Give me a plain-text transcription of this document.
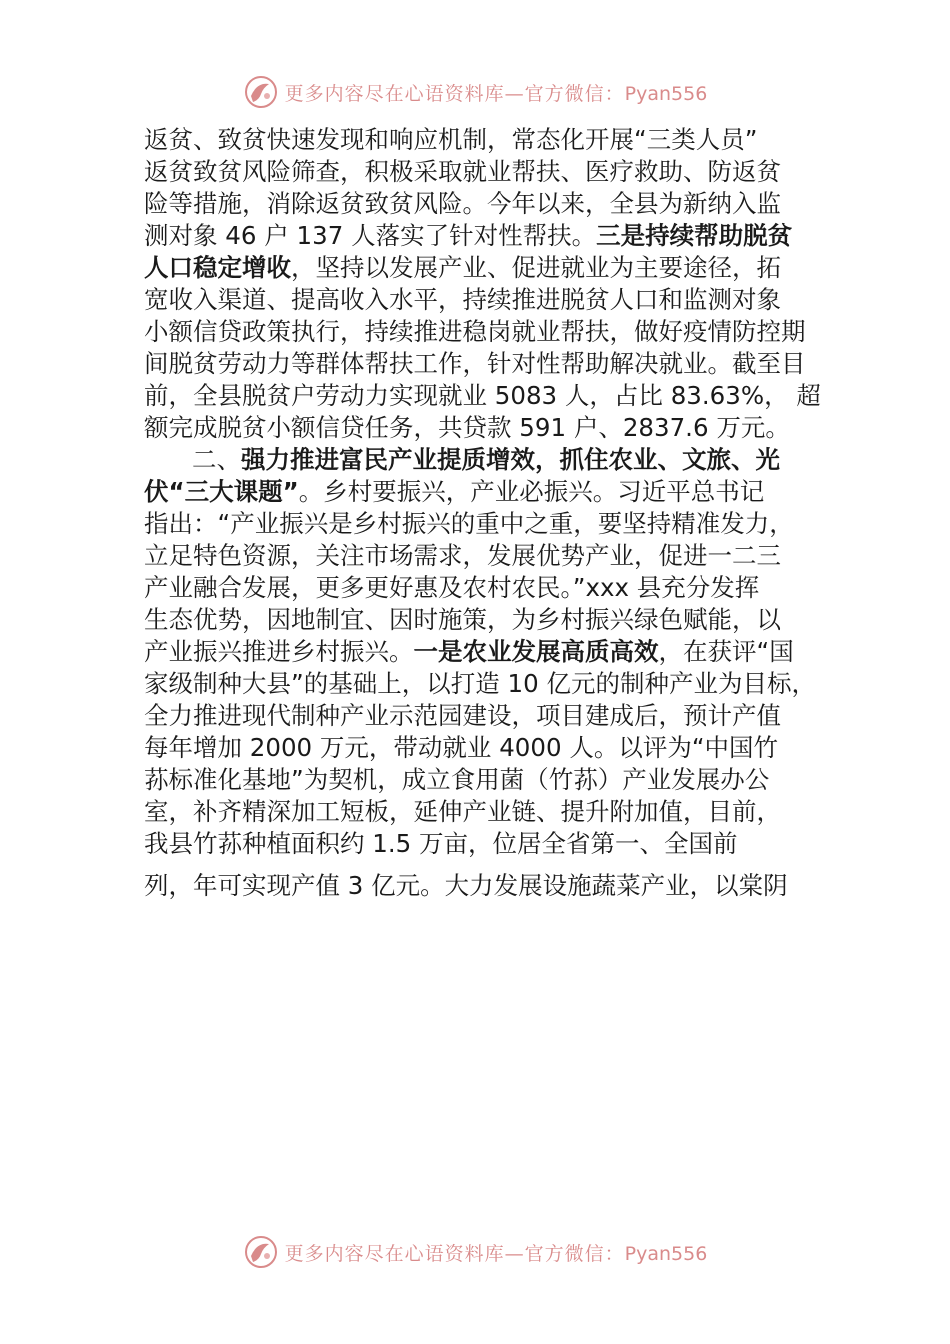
更多内容尽在心语资料库—官方微信：Pyan556
返贫、致贫快速发现和响应机制，常态化开展“三类人员”
返贫致贫风险筛查，积极采取就业帮扶、医疗救助、防返贫
险等措施，消除返贫致贫风险。今年以来，全县为新纳入监
测对象 46 户 137 人落实了针对性帮扶。三是持续帮助脱贫
人口稳定增收，坚持以发展产业、促进就业为主要途径，拓
宽收入渠道、提高收入水平，持续推进脱贫人口和监测对象
小额信贷政策执行，持续推进稳岗就业帮扶，做好疫情防控期
间脱贫劳动力等群体帮扶工作，针对性帮助解决就业。截至目
前，全县脱贫户劳动力实现就业 5083 人，占比 83.63%， 超
额完成脱贫小额信贷任务，共贷款 591 户、2837.6 万元。
二、强力推进富民产业提质增效，抓住农业、文旅、光
伏“三大课题”。乡村要振兴，产业必振兴。习近平总书记
指出：“产业振兴是乡村振兴的重中之重，要坚持精准发力，
立足特色资源，关注市场需求，发展优势产业，促进一二三
产业融合发展，更多更好惠及农村农民。”xxx 县充分发挥
生态优势，因地制宜、因时施策，为乡村振兴绿色赋能，以
产业振兴推进乡村振兴。一是农业发展高质高效，在获评“国
家级制种大县”的基础上，以打造 10 亿元的制种产业为目标，
全力推进现代制种产业示范园建设，项目建成后，预计产值
每年增加 2000 万元，带动就业 4000 人。以评为“中国竹
荪标准化基地”为契机，成立食用菌（竹荪）产业发展办公
室，补齐精深加工短板，延伸产业链、提升附加值，目前，
我县竹荪种植面积约 1.5 万亩，位居全省第一、全国前
列，年可实现产值 3 亿元。大力发展设施蔬菜产业，以棠阴
更多内容尽在心语资料库—官方微信：Pyan556
